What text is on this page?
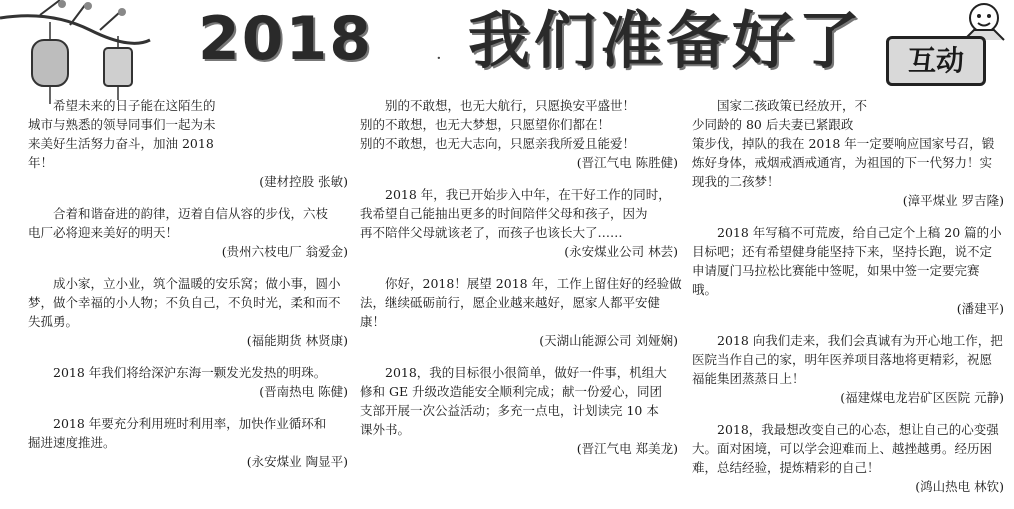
2018	· 我们准备好了	互动
希望未来的日子能在这陌生的
城市与熟悉的领导同事们一起为未
来美好生活努力奋斗，加油 2018
年！
(建材控股 张敏)
合着和谐奋进的韵律，迈着自信从容的步伐，六枝
电厂必将迎来美好的明天！
(贵州六枝电厂 翁爱金)
成小家，立小业，筑个温暖的安乐窝；做小事，圆小
梦，做个幸福的小人物；不负自己，不负时光，柔和而不
失孤勇。
(福能期货 林贤康)
2018 年我们将给深沪东海一颗发光发热的明珠。
(晋南热电 陈健)
2018 年要充分利用班时利用率，加快作业循环和
掘进速度推进。
(永安煤业 陶显平)
别的不敢想，也无大航行，只愿换安平盛世！
别的不敢想，也无大梦想，只愿望你们都在！
别的不敢想，也无大志向，只愿亲我所爱且能爱！
(晋江气电 陈胜健)
2018 年，我已开始步入中年，在干好工作的同时，
我希望自己能抽出更多的时间陪伴父母和孩子，因为
再不陪伴父母就该老了，而孩子也该长大了……
(永安煤业公司 林芸)
你好，2018！展望 2018 年，工作上留住好的经验做
法，继续砥砺前行，愿企业越来越好，愿家人都平安健
康！
(天湖山能源公司 刘娅娴)
2018，我的目标很小很简单，做好一件事，机组大
修和 GE 升级改造能安全顺利完成；献一份爱心，同团
支部开展一次公益活动；多充一点电，计划读完 10 本
课外书。
(晋江气电 郑美龙)
国家二孩政策已经放开，不
少同龄的 80 后夫妻已紧跟政
策步伐，掉队的我在 2018 年一定要响应国家号召，锻
炼好身体，戒烟戒酒戒通宵，为祖国的下一代努力！实
现我的二孩梦！
(漳平煤业 罗吉隆)
2018 年写稿不可荒废，给自己定个上稿 20 篇的小
目标吧；还有希望健身能坚持下来，坚持长跑，说不定
申请厦门马拉松比赛能中签呢，如果中签一定要完赛
哦。
(潘建平)
2018 向我们走来，我们会真诚有为开心地工作，把
医院当作自己的家，明年医养项目落地将更精彩，祝愿
福能集团蒸蒸日上！
(福建煤电龙岩矿区医院 元静)
2018，我最想改变自己的心态，想让自己的心变强
大。面对困境，可以学会迎难而上、越挫越勇。经历困
难，总结经验，提炼精彩的自己！
(鸿山热电 林钦)
